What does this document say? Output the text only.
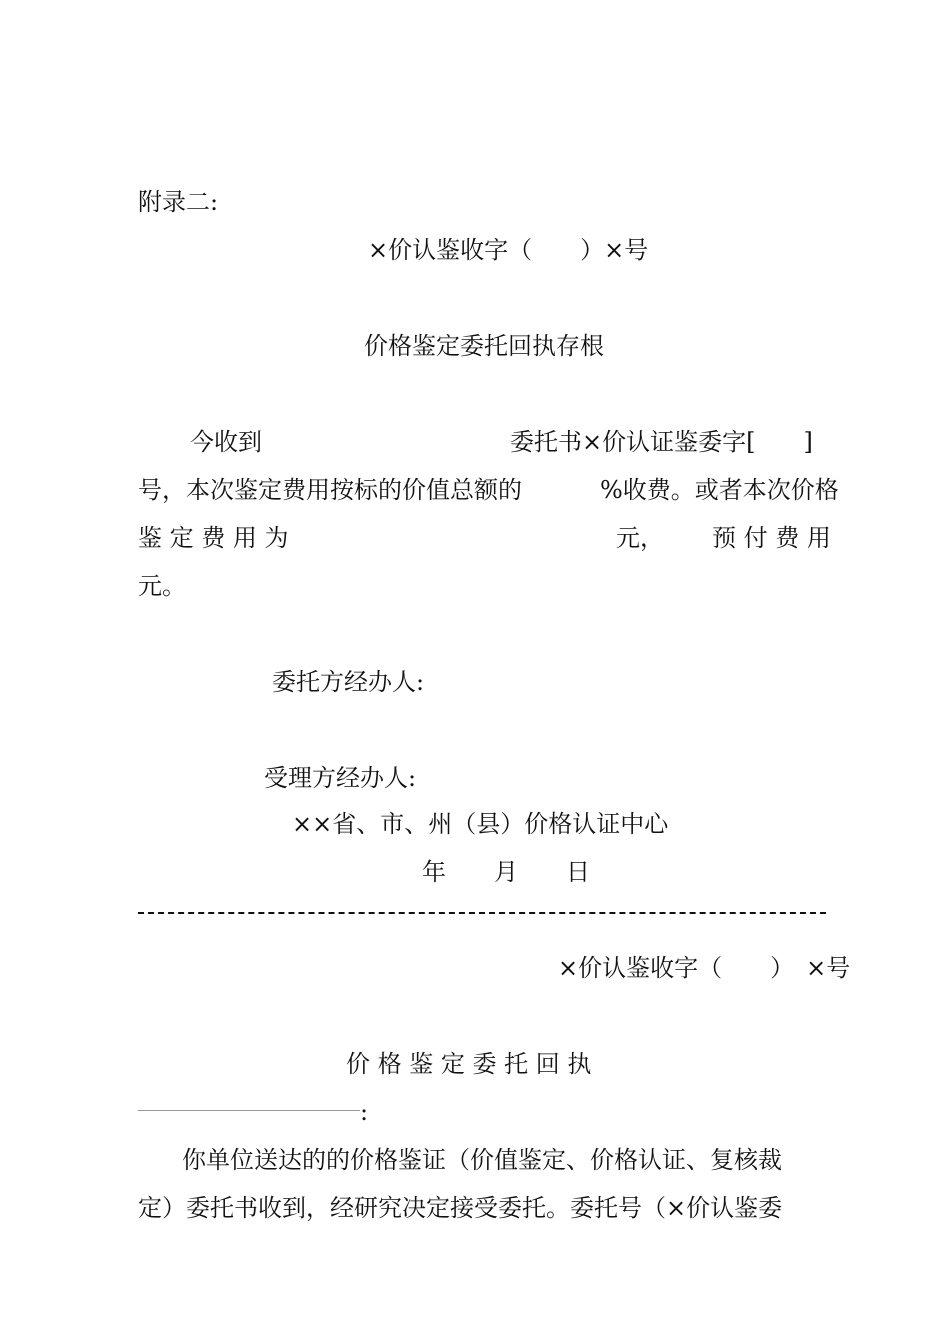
附录二:
×价认鉴收字（　　）×号
价格鉴定委托回执存根
今收到	委托书×价认证鉴委字[　　]
号，本次鉴定费用按标的价值总额的	%收费。或者本次价格
鉴 定 费 用 为	元， 预 付 费 用
元。
委托方经办人:
受理方经办人:
××省、市、州（县）价格认证中心
年　　月　　日
×价认鉴收字（　　）　×号
价 格 鉴 定 委 托 回 执
:
你单位送达的的价格鉴证（价值鉴定、价格认证、复核裁
定）委托书收到，经研究决定接受委托。委托号（×价认鉴委
